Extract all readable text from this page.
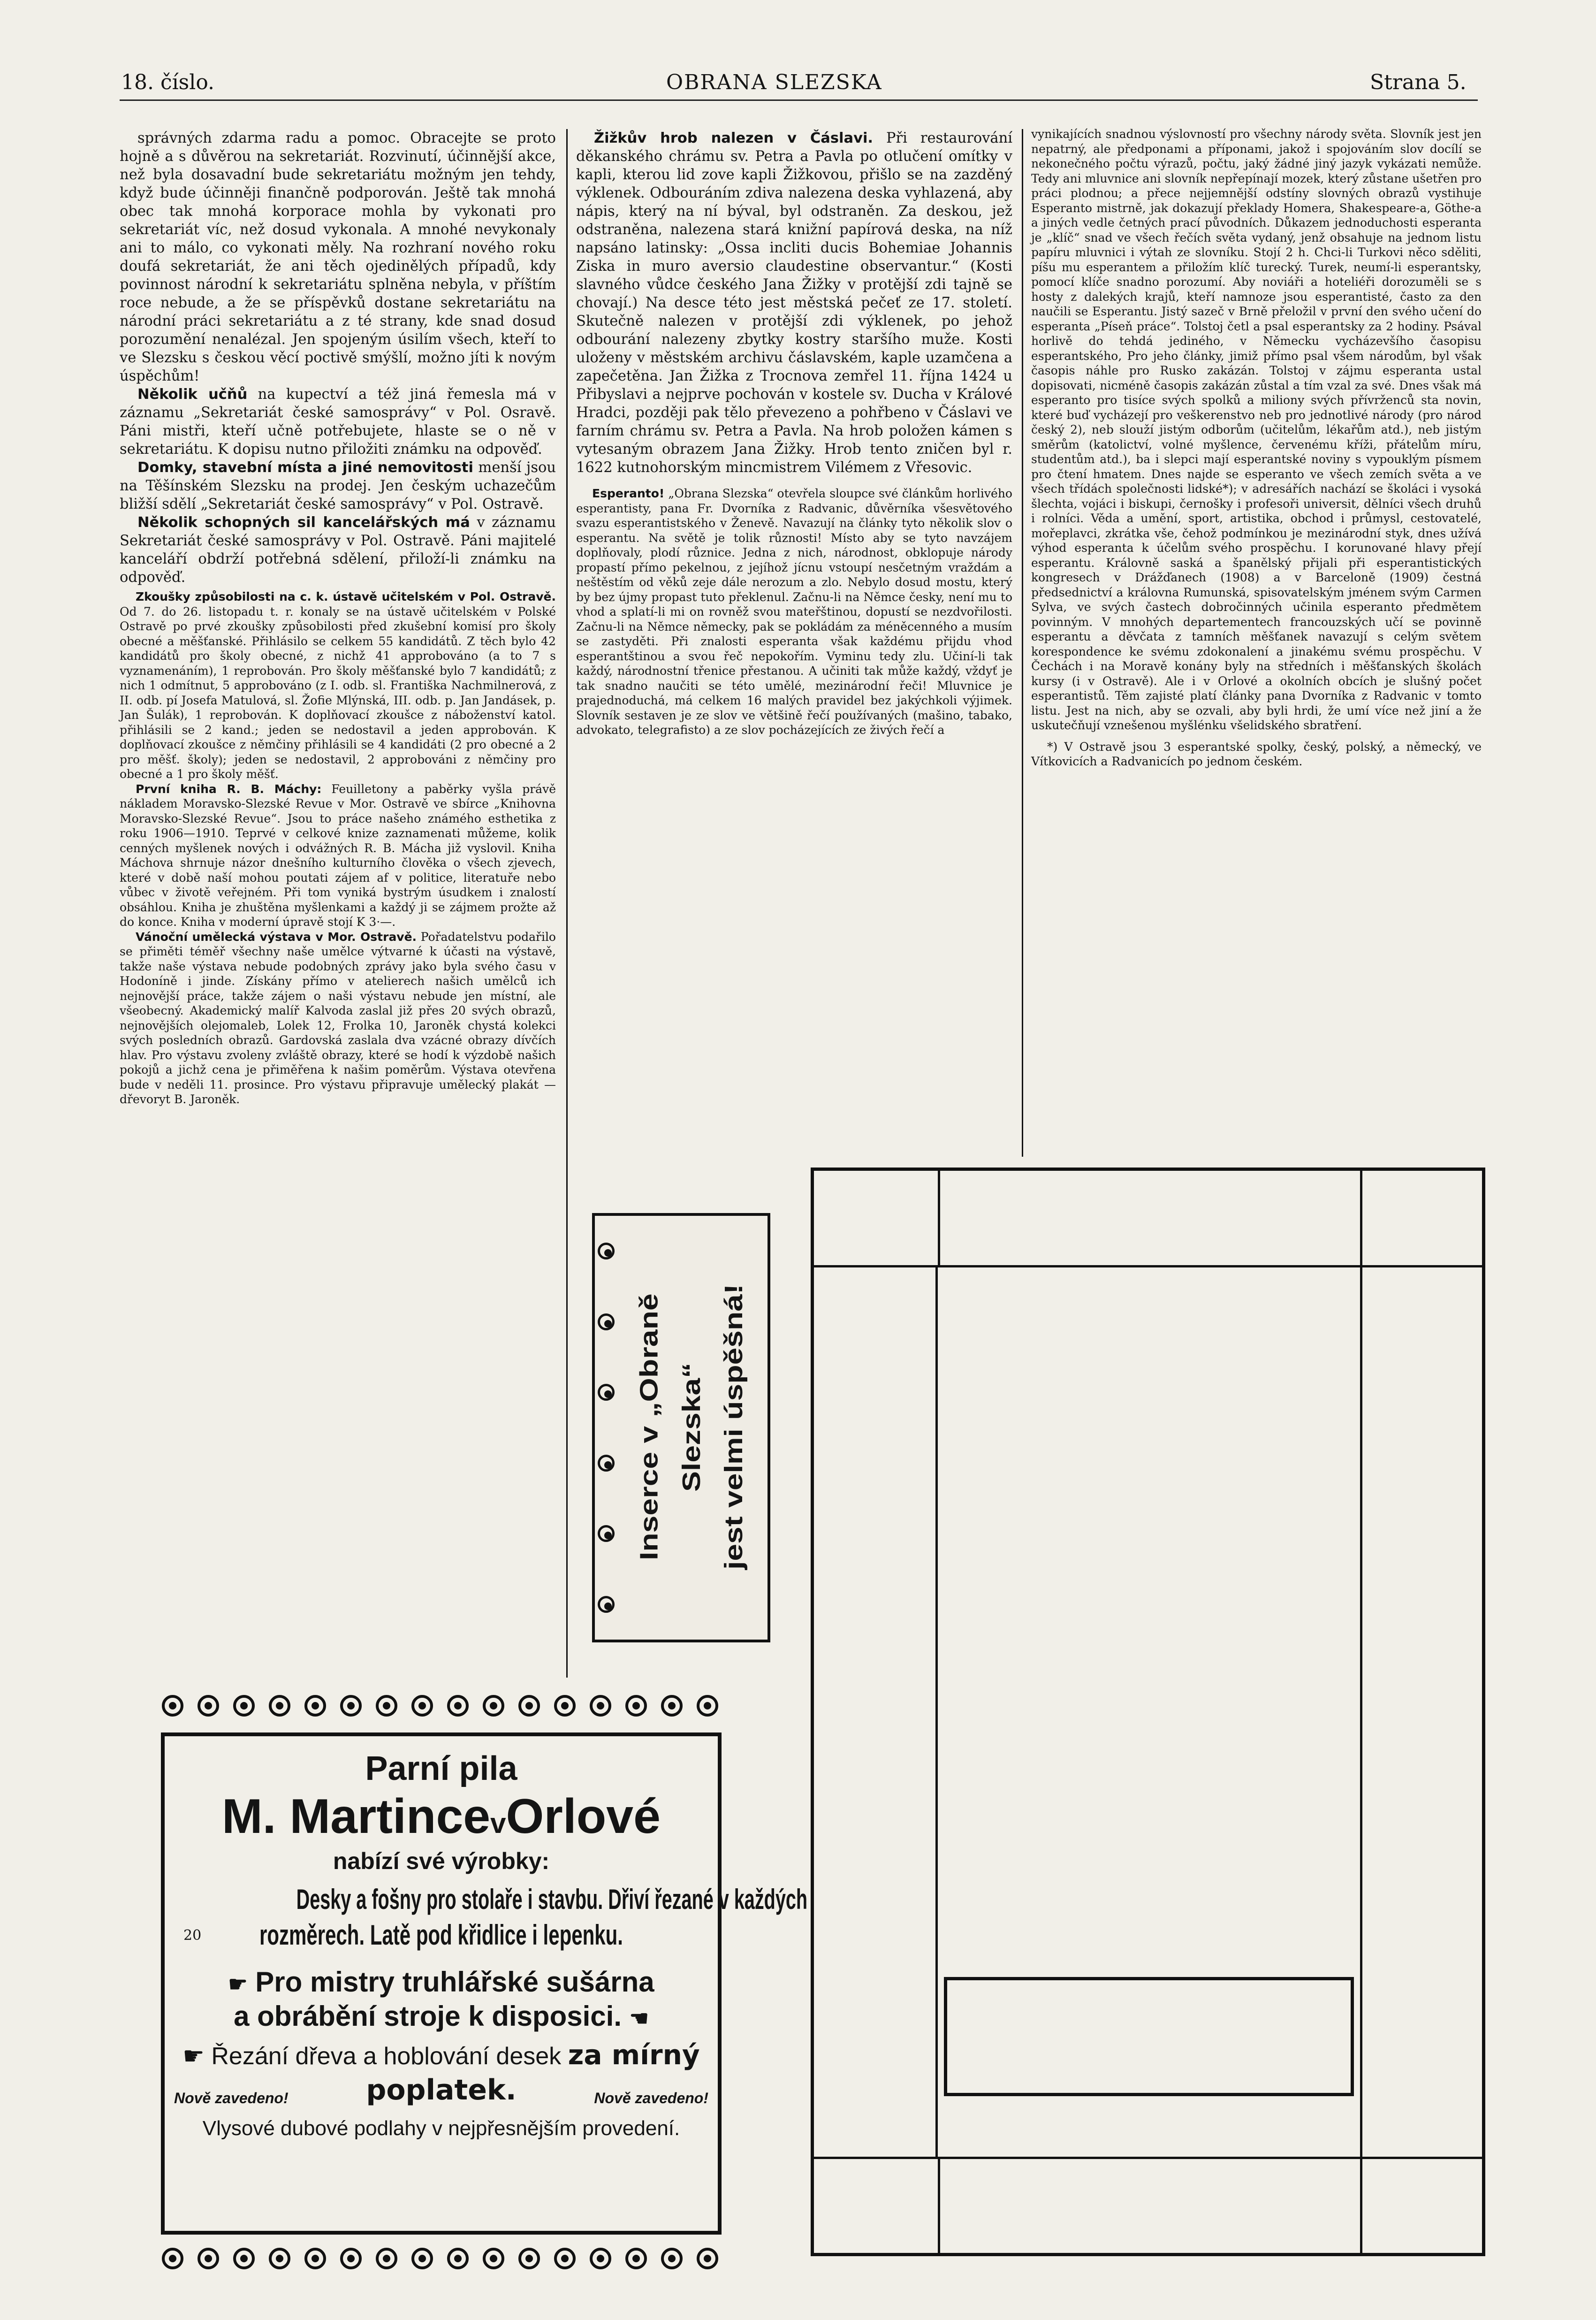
18. číslo.	OBRANA SLEZSKA	Strana 5.

správných zdarma radu a pomoc. Obracejte se proto hojně a s důvěrou na sekretariát. Rozvinutí, účinnější akce, než byla dosavadní bude sekretariátu možným jen tehdy, když bude účinněji finančně podporován. Ještě tak mnohá obec tak mnohá korporace mohla by vykonati pro sekretariát víc, než dosud vykonala. A mnohé nevykonaly ani to málo, co vykonati měly. Na rozhraní nového roku doufá sekretariát, že ani těch ojedinělých případů, kdy povinnost národní k sekretariátu splněna nebyla, v příštím roce nebude, a že se příspěvků dostane sekretariátu na národní práci sekretariátu a z té strany, kde snad dosud porozumění nenalézal. Jen spojeným úsilím všech, kteří to ve Slezsku s českou věcí poctivě smýšlí, možno jíti k novým úspěchům!

Několik učňů na kupectví a též jiná řemesla má v záznamu „Sekretariát české samosprávy“ v Pol. Osravě. Páni mistři, kteří učně potřebujete, hlaste se o ně v sekretariátu. K dopisu nutno přiložiti známku na odpověď.

Domky, stavební místa a jiné nemovitosti menší jsou na Těšínském Slezsku na prodej. Jen českým uchazečům bližší sdělí „Sekretariát české samosprávy“ v Pol. Ostravě.

Několik schopných sil kancelářských má v záznamu Sekretariát české samosprávy v Pol. Ostravě. Páni majitelé kanceláří obdrží potřebná sdělení, přiloží-li známku na odpověď.

Zkoušky způsobilosti na c. k. ústavě učitelském v Pol. Ostravě. Od 7. do 26. listopadu t. r. konaly se na ústavě učitelském v Polské Ostravě po prvé zkoušky způsobilosti před zkušební komisí pro školy obecné a měšťanské. Přihlásilo se celkem 55 kandidátů. Z těch bylo 42 kandidátů pro školy obecné, z nichž 41 approbováno (a to 7 s vyznamenáním), 1 reprobován. Pro školy měšťanské bylo 7 kandidátů; z nich 1 odmítnut, 5 approbováno (z I. odb. sl. Františka Nachmilnerová, z II. odb. pí Josefa Matulová, sl. Žofie Mlýnská, III. odb. p. Jan Jandásek, p. Jan Šulák), 1 reprobován. K doplňovací zkoušce z náboženství katol. přihlásili se 2 kand.; jeden se nedostavil a jeden approbován. K doplňovací zkoušce z němčiny přihlásili se 4 kandidáti (2 pro obecné a 2 pro měšť. školy); jeden se nedostavil, 2 approbováni z němčiny pro obecné a 1 pro školy měšť.

První kniha R. B. Máchy: Feuilletony a paběrky vyšla právě nákladem Moravsko-Slezské Revue v Mor. Ostravě ve sbírce „Knihovna Moravsko-Slezské Revue“. Jsou to práce našeho známého esthetika z roku 1906—1910. Teprvé v celkové knize zaznamenati můžeme, kolik cenných myšlenek nových i odvážných R. B. Mácha již vyslovil. Kniha Máchova shrnuje názor dnešního kulturního člověka o všech zjevech, které v době naší mohou poutati zájem af v politice, literatuře nebo vůbec v životě veřejném. Při tom vyniká bystrým úsudkem i znalostí obsáhlou. Kniha je zhuštěna myšlenkami a každý ji se zájmem prožte až do konce. Kniha v moderní úpravě stojí K 3·—.

Vánoční umělecká výstava v Mor. Ostravě. Pořadatelstvu podařilo se přiměti téměř všechny naše umělce výtvarné k účasti na výstavě, takže naše výstava nebude podobných zprávy jako byla svého času v Hodoníně i jinde. Získány přímo v atelierech našich umělců ich nejnovější práce, takže zájem o naši výstavu nebude jen místní, ale všeobecný. Akademický malíř Kalvoda zaslal již přes 20 svých obrazů, nejnovějších olejomaleb, Lolek 12, Frolka 10, Jaroněk chystá kolekci svých posledních obrazů. Gardovská zaslala dva vzácné obrazy dívčích hlav. Pro výstavu zvoleny zvláště obrazy, které se hodí k výzdobě našich pokojů a jichž cena je přiměřena k našim poměrům. Výstava otevřena bude v neděli 11. prosince. Pro výstavu připravuje umělecký plakát — dřevoryt B. Jaroněk.

Žižkův hrob nalezen v Čáslavi. Při restaurování děkanského chrámu sv. Petra a Pavla po otlučení omítky v kapli, kterou lid zove kapli Žižkovou, přišlo se na zazděný výklenek. Odbouráním zdiva nalezena deska vyhlazená, aby nápis, který na ní býval, byl odstraněn. Za deskou, jež odstraněna, nalezena stará knižní papírová deska, na níž napsáno latinsky: „Ossa incliti ducis Bohemiae Johannis Ziska in muro aversio claudestine observantur.“ (Kosti slavného vůdce českého Jana Žižky v protější zdi tajně se chovají.) Na desce této jest městská pečeť ze 17. století. Skutečně nalezen v protější zdi výklenek, po jehož odbourání nalezeny zbytky kostry staršího muže. Kosti uloženy v městském archivu čáslavském, kaple uzamčena a zapečetěna. Jan Žižka z Trocnova zemřel 11. října 1424 u Přibyslavi a nejprve pochován v kostele sv. Ducha v Králové Hradci, později pak tělo převezeno a pohřbeno v Čáslavi ve farním chrámu sv. Petra a Pavla. Na hrob položen kámen s vytesaným obrazem Jana Žižky. Hrob tento zničen byl r. 1622 kutnohorským mincmistrem Vilémem z Vřesovic.

Esperanto! „Obrana Slezska“ otevřela sloupce své článkům horlivého esperantisty, pana Fr. Dvorníka z Radvanic, důvěrníka všesvětového svazu esperantistského v Ženevě. Navazují na články tyto několik slov o esperantu. Na světě je tolik různosti! Místo aby se tyto navzájem doplňovaly, plodí různice. Jedna z nich, národnost, obklopuje národy propastí přímo pekelnou, z jejíhož jícnu vstoupí nesčetným vraždám a neštěstím od věků zeje dále nerozum a zlo. Nebylo dosud mostu, který by bez újmy propast tuto překlenul. Začnu-li na Němce česky, není mu to vhod a splatí-li mi on rovněž svou mateřštinou, dopustí se nezdvořilosti. Začnu-li na Němce německy, pak se pokládám za méněcenného a musím se zastyděti. Při znalosti esperanta však každému přijdu vhod esperantštinou a svou řeč nepokořím. Vyminu tedy zlu. Učiní-li tak každý, národnostní třenice přestanou. A učiniti tak může každý, vždyť je tak snadno naučiti se této umělé, mezinárodní řeči! Mluvnice je prajednoduchá, má celkem 16 malých pravidel bez jakýchkoli výjimek. Slovník sestaven je ze slov ve většině řečí používaných (mašino, tabako, advokato, telegrafisto) a ze slov pocházejících ze živých řečí a

vynikajících snadnou výslovností pro všechny národy světa. Slovník jest jen nepatrný, ale předponami a příponami, jakož i spojováním slov docílí se nekonečného počtu výrazů, počtu, jaký žádné jiný jazyk vykázati nemůže. Tedy ani mluvnice ani slovník nepřepínají mozek, který zůstane ušetřen pro práci plodnou; a přece nejjemnější odstíny slovných obrazů vystihuje Esperanto mistrně, jak dokazují překlady Homera, Shakespeare-a, Göthe-a a jiných vedle četných prací původních. Důkazem jednoduchosti esperanta je „klíč“ snad ve všech řečích světa vydaný, jenž obsahuje na jednom listu papíru mluvnici i výtah ze slovníku. Stojí 2 h. Chci-li Turkovi něco sděliti, píšu mu esperantem a přiložím klíč turecký. Turek, neumí-li esperantsky, pomocí klíče snadno porozumí. Aby noviáři a hoteliéři dorozuměli se s hosty z dalekých krajů, kteří namnoze jsou esperantisté, často za den naučili se Esperantu. Jistý sazeč v Brně přeložil v první den svého učení do esperanta „Píseň práce“. Tolstoj četl a psal esperantsky za 2 hodiny. Psával horlivě do tehdá jediného, v Německu vycházevšího časopisu esperantského, Pro jeho články, jimiž přímo psal všem národům, byl však časopis náhle pro Rusko zakázán. Tolstoj v zájmu esperanta ustal dopisovati, nicméně časopis zakázán zůstal a tím vzal za své. Dnes však má esperanto pro tisíce svých spolků a miliony svých přívrženců sta novin, které buď vycházejí pro veškerenstvo neb pro jednotlivé národy (pro národ český 2), neb slouží jistým odborům (učitelům, lékařům atd.), neb jistým směrům (katolictví, volné myšlence, červenému kříži, přátelům míru, studentům atd.), ba i slepci mají esperantské noviny s vypouklým písmem pro čtení hmatem. Dnes najde se esperanto ve všech zemích světa a ve všech třídách společnosti lidské*); v adresářích nachází se školáci i vysoká šlechta, vojáci i biskupi, černošky i profesoři universit, dělníci všech druhů i rolníci. Věda a umění, sport, artistika, obchod i průmysl, cestovatelé, mořeplavci, zkrátka vše, čehož podmínkou je mezinárodní styk, dnes užívá výhod esperanta k účelům svého prospěchu. I korunované hlavy přejí esperantu. Královně saská a španělský přijali při esperantistických kongresech v Drážďanech (1908) a v Barceloně (1909) čestná předsednictví a královna Rumunská, spisovatelským jménem svým Carmen Sylva, ve svých častech dobročinných učinila esperanto předmětem povinným. V mnohých departementech francouzských učí se povinně esperantu a děvčata z tamních měšťanek navazují s celým světem korespondence ke svému zdokonalení a jinakému svému prospěchu. V Čechách i na Moravě konány byly na středních i měšťanských školách kursy (i v Ostravě). Ale i v Orlové a okolních obcích je slušný počet esperantistů. Těm zajisté platí články pana Dvorníka z Radvanic v tomto listu. Jest na nich, aby se ozvali, aby byli hrdi, že umí více než jiní a že uskutečňují vznešenou myšlénku všelidského sbratření.

*) V Ostravě jsou 3 esperantské spolky, český, polský, a německý, ve Vítkovicích a Radvanicích po jednom českém.

Inserce v „Obraně Slezska“ jest velmi úspěšná!
Parní pila
M. MartincevOrlové
nabízí své výrobky:
Desky a fošny pro stolaře i stavbu. Dřiví řezané v každých
20 rozměrech. Latě pod křidlice i lepenku.
☛ Pro mistry truhlářské sušárna
a obrábění stroje k disposici. ☚
☛ Řezání dřeva a hoblování desek za mírný
Nově zavedeno!	poplatek.	Nově zavedeno!
Vlysové dubové podlahy v nejpřesnějším provedení.
